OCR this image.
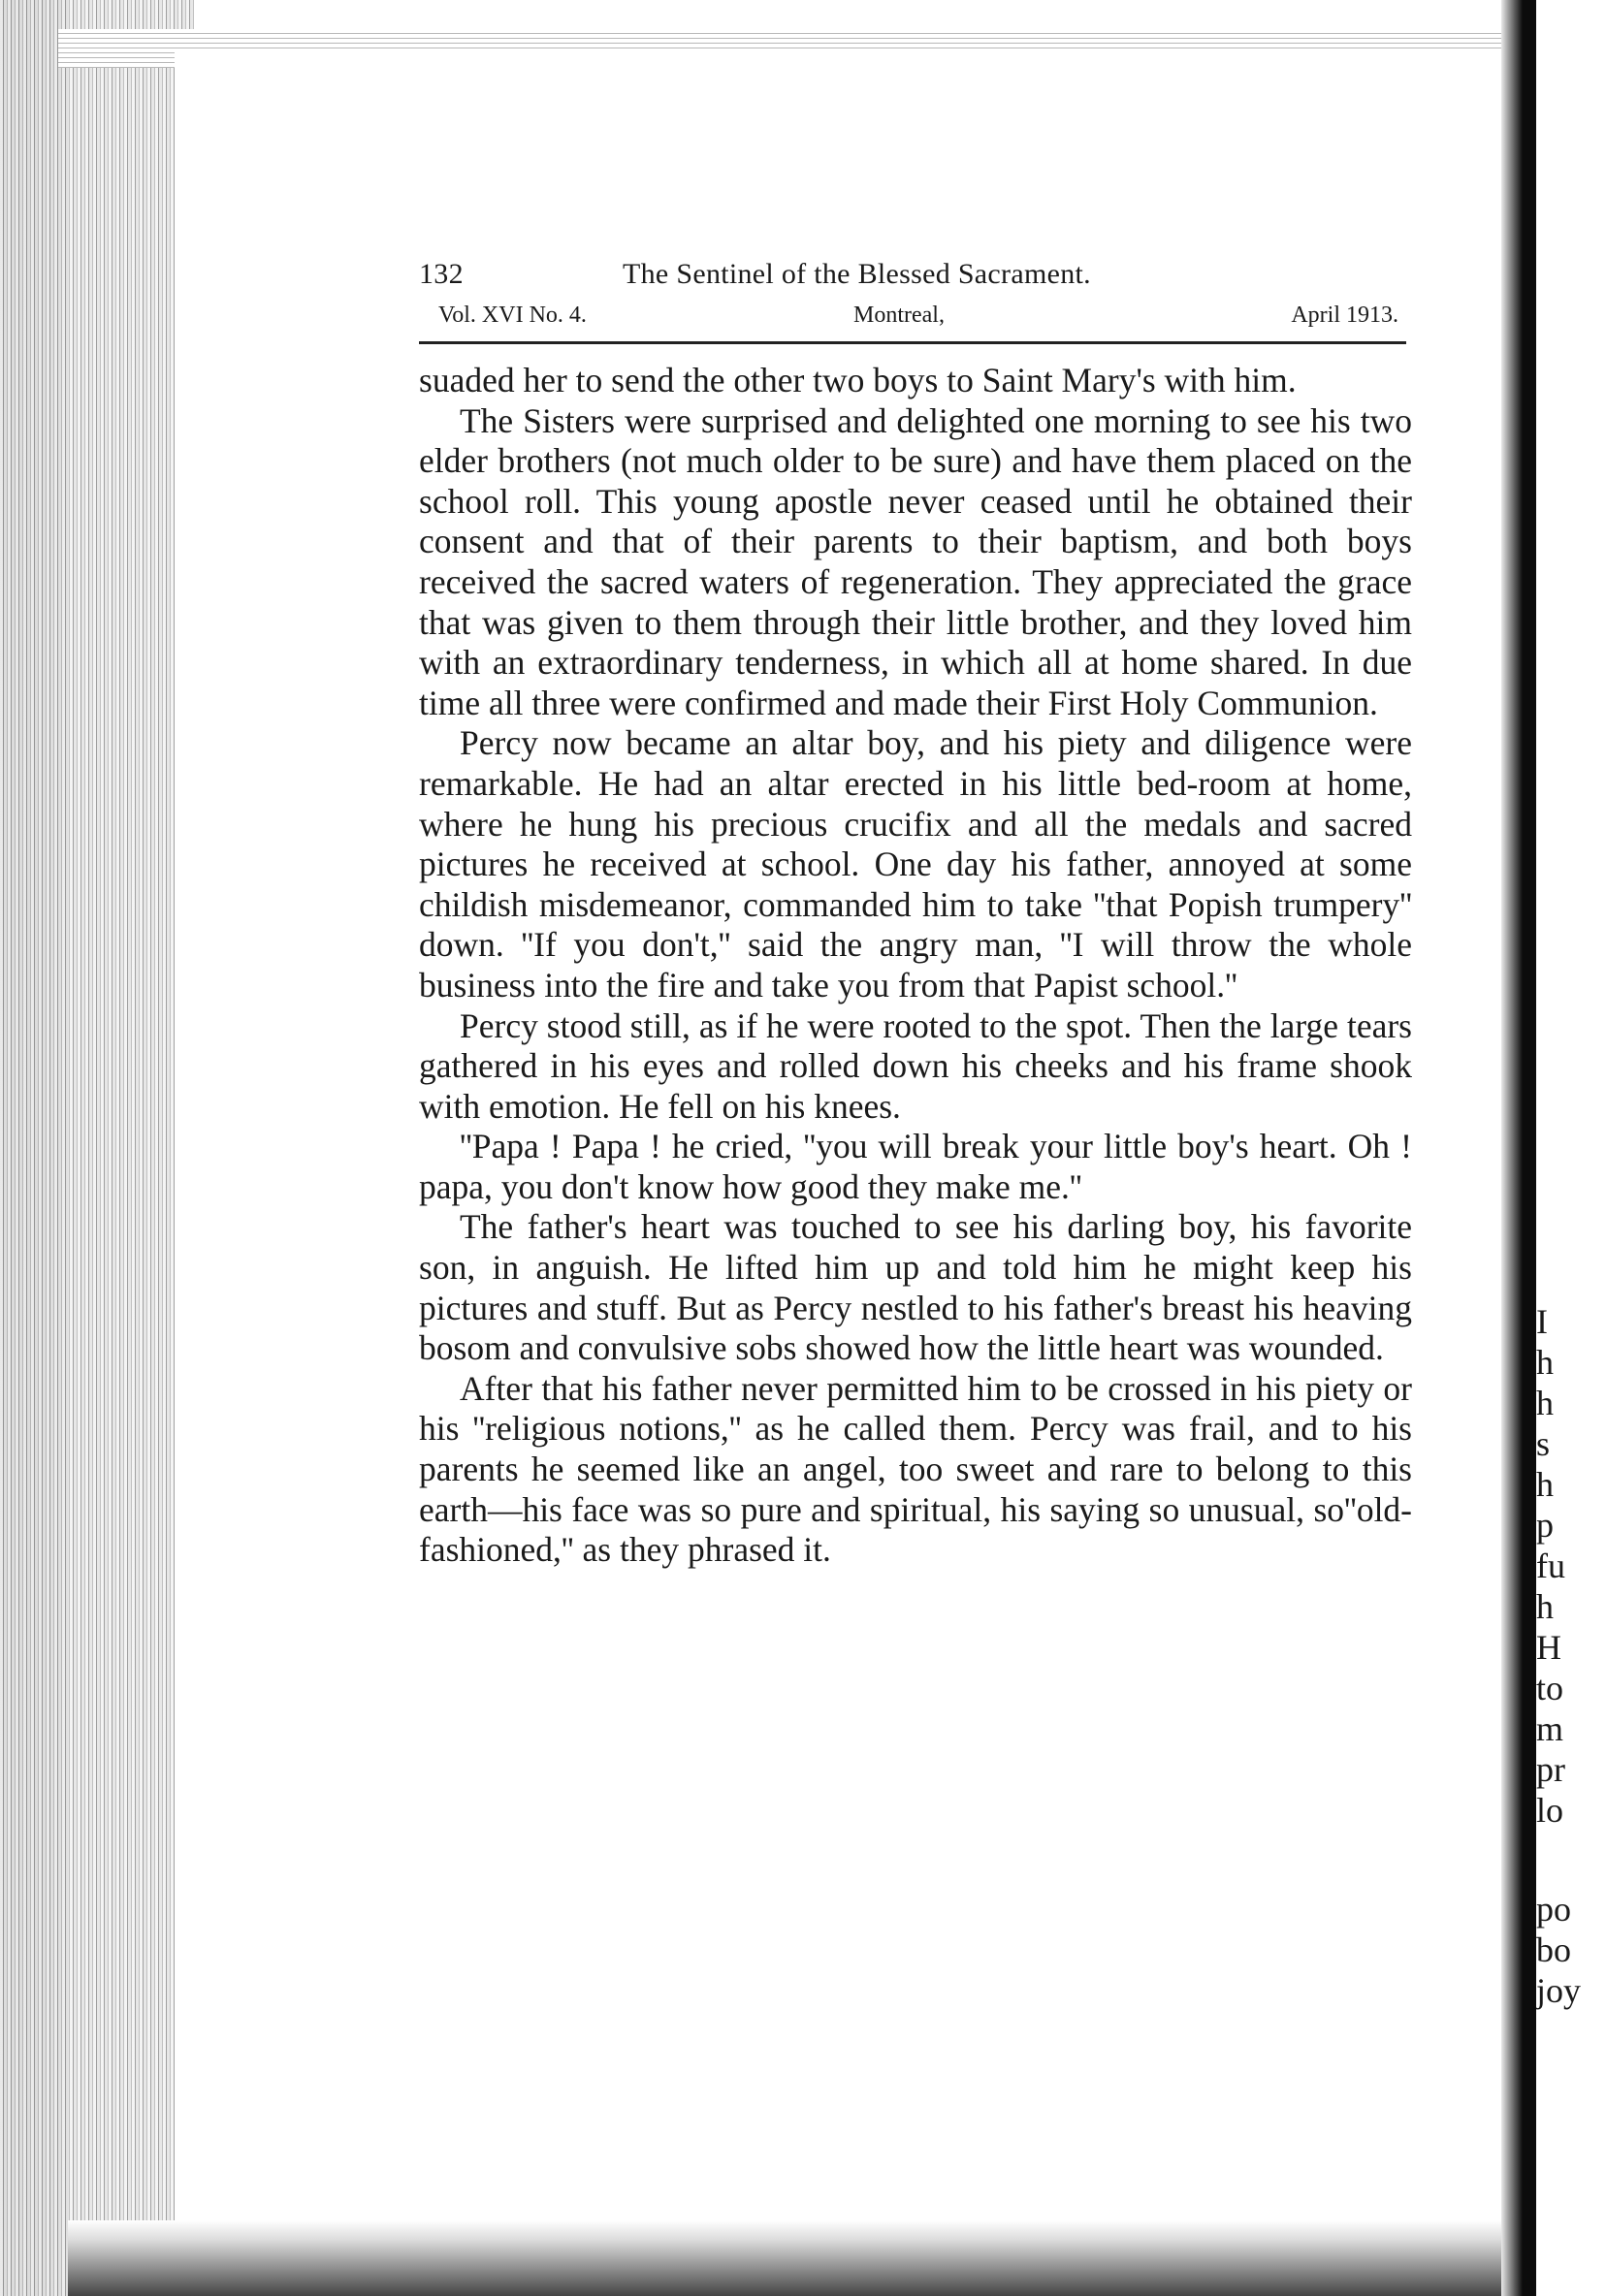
I
h
h
s
h
p
fu
h
H
to
m
pr
lo
po
bo
joy
132	The Sentinel of the Blessed Sacrament.
Vol. XVI No. 4.	Montreal,	April 1913.

suaded her to send the other two boys to Saint Mary's with him.

The Sisters were surprised and delighted one morning to see his two elder brothers (not much older to be sure) and have them placed on the school roll. This young apostle never ceased until he obtained their consent and that of their parents to their baptism, and both boys received the sacred waters of regeneration. They appreciated the grace that was given to them through their little brother, and they loved him with an extraordinary tenderness, in which all at home shared. In due time all three were confirmed and made their First Holy Communion.

Percy now became an altar boy, and his piety and diligence were remarkable. He had an altar erected in his little bed-room at home, where he hung his precious crucifix and all the medals and sacred pictures he received at school. One day his father, annoyed at some childish misdemeanor, commanded him to take ''that Popish trumpery'' down. ''If you don't,'' said the angry man, ''I will throw the whole business into the fire and take you from that Papist school.''

Percy stood still, as if he were rooted to the spot. Then the large tears gathered in his eyes and rolled down his cheeks and his frame shook with emotion. He fell on his knees.

''Papa ! Papa ! he cried, ''you will break your little boy's heart. Oh ! papa, you don't know how good they make me.''

The father's heart was touched to see his darling boy, his favorite son, in anguish. He lifted him up and told him he might keep his pictures and stuff. But as Percy nestled to his father's breast his heaving bosom and convulsive sobs showed how the little heart was wounded.

After that his father never permitted him to be crossed in his piety or his ''religious notions,'' as he called them. Percy was frail, and to his parents he seemed like an angel, too sweet and rare to belong to this earth—his face was so pure and spiritual, his saying so unusual, so''old-fashioned,'' as they phrased it.
